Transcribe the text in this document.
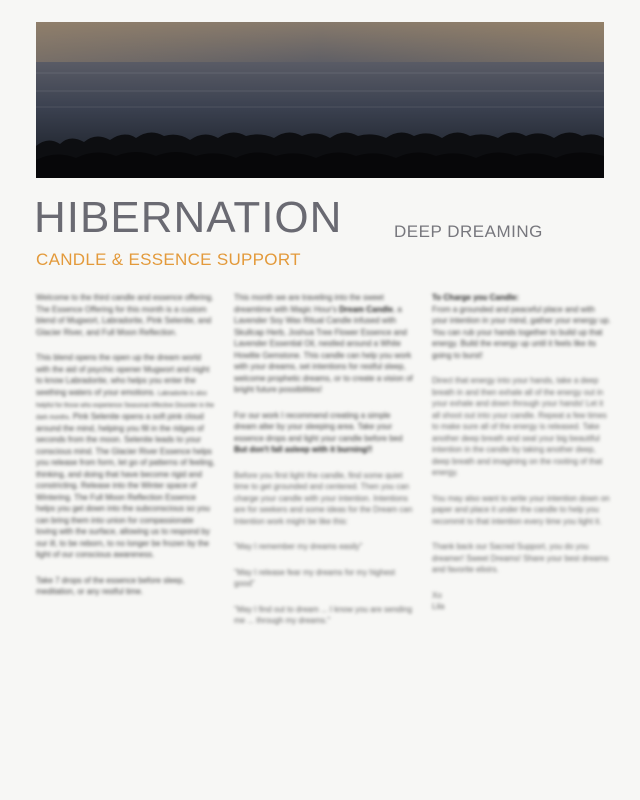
HIBERNATION	DEEP DREAMING
CANDLE & ESSENCE SUPPORT

Welcome to the third candle and essence offering. The Essence Offering for this month is a custom blend of Mugwort, Labradorite, Pink Selenite, and Glacier River, and Full Moon Reflection.

This blend opens the open up the dream world with the aid of psychic opener Mugwort and night to know Labradorite, who helps you enter the seething waters of your emotions. Labradorite is also helpful for those who experience Seasonal Affective Disorder in the dark months. Pink Selenite opens a soft pink cloud around the mind, helping you fill in the ridges of seconds from the moon. Selenite leads to your conscious mind. The Glacier River Essence helps you release from form, let go of patterns of feeling, thinking, and doing that have become rigid and constricting. Release into the Winter space of Wintering. The Full Moon Reflection Essence helps you get down into the subconscious so you can bring them into union for compassionate loving with the surface, allowing us to respond by our ill, to be reborn, to no longer be frozen by the light of our conscious awareness.

Take 7 drops of the essence before sleep, meditation, or any restful time.

This month we are traveling into the sweet dreamtime with Magic Hour's Dream Candle, a Lavender Soy Wax Ritual Candle infused with Skullcap Herb, Joshua Tree Flower Essence and Lavender Essential Oil, nestled around a White Howlite Gemstone. This candle can help you work with your dreams, set intentions for restful sleep, welcome prophetic dreams, or to create a vision of bright future possibilities!

For our work I recommend creating a simple dream alter by your sleeping area. Take your essence drops and light your candle before bed But don't fall asleep with it burning!!

Before you first light the candle, find some quiet time to get grounded and centered. Then you can charge your candle with your intention. Intentions are for seekers and some ideas for the Dream can Intention work might be like this:

"May I remember my dreams easily"

"May I release fear my dreams for my highest good"

"May I find out to dream ... I know you are sending me ... through my dreams."

To Charge you Candle:
From a grounded and peaceful place and with your intention in your mind, gather your energy up. You can rub your hands together to build up that energy. Build the energy up until it feels like its going to burst!

Direct that energy into your hands, take a deep breath in and then exhale all of the energy out in your exhale and down through your hands! Let it all shoot out into your candle. Repeat a few times to make sure all of the energy is released. Take another deep breath and seal your big beautiful intention in the candle by taking another deep, deep breath and imagining on the rooting of that energy.

You may also want to write your intention down on paper and place it under the candle to help you recommit to that intention every time you light it.

Thank back our Sacred Support, you do you dreamer! Sweet Dreams! Share your best dreams and favorite elixirs.

Xo
Lila
